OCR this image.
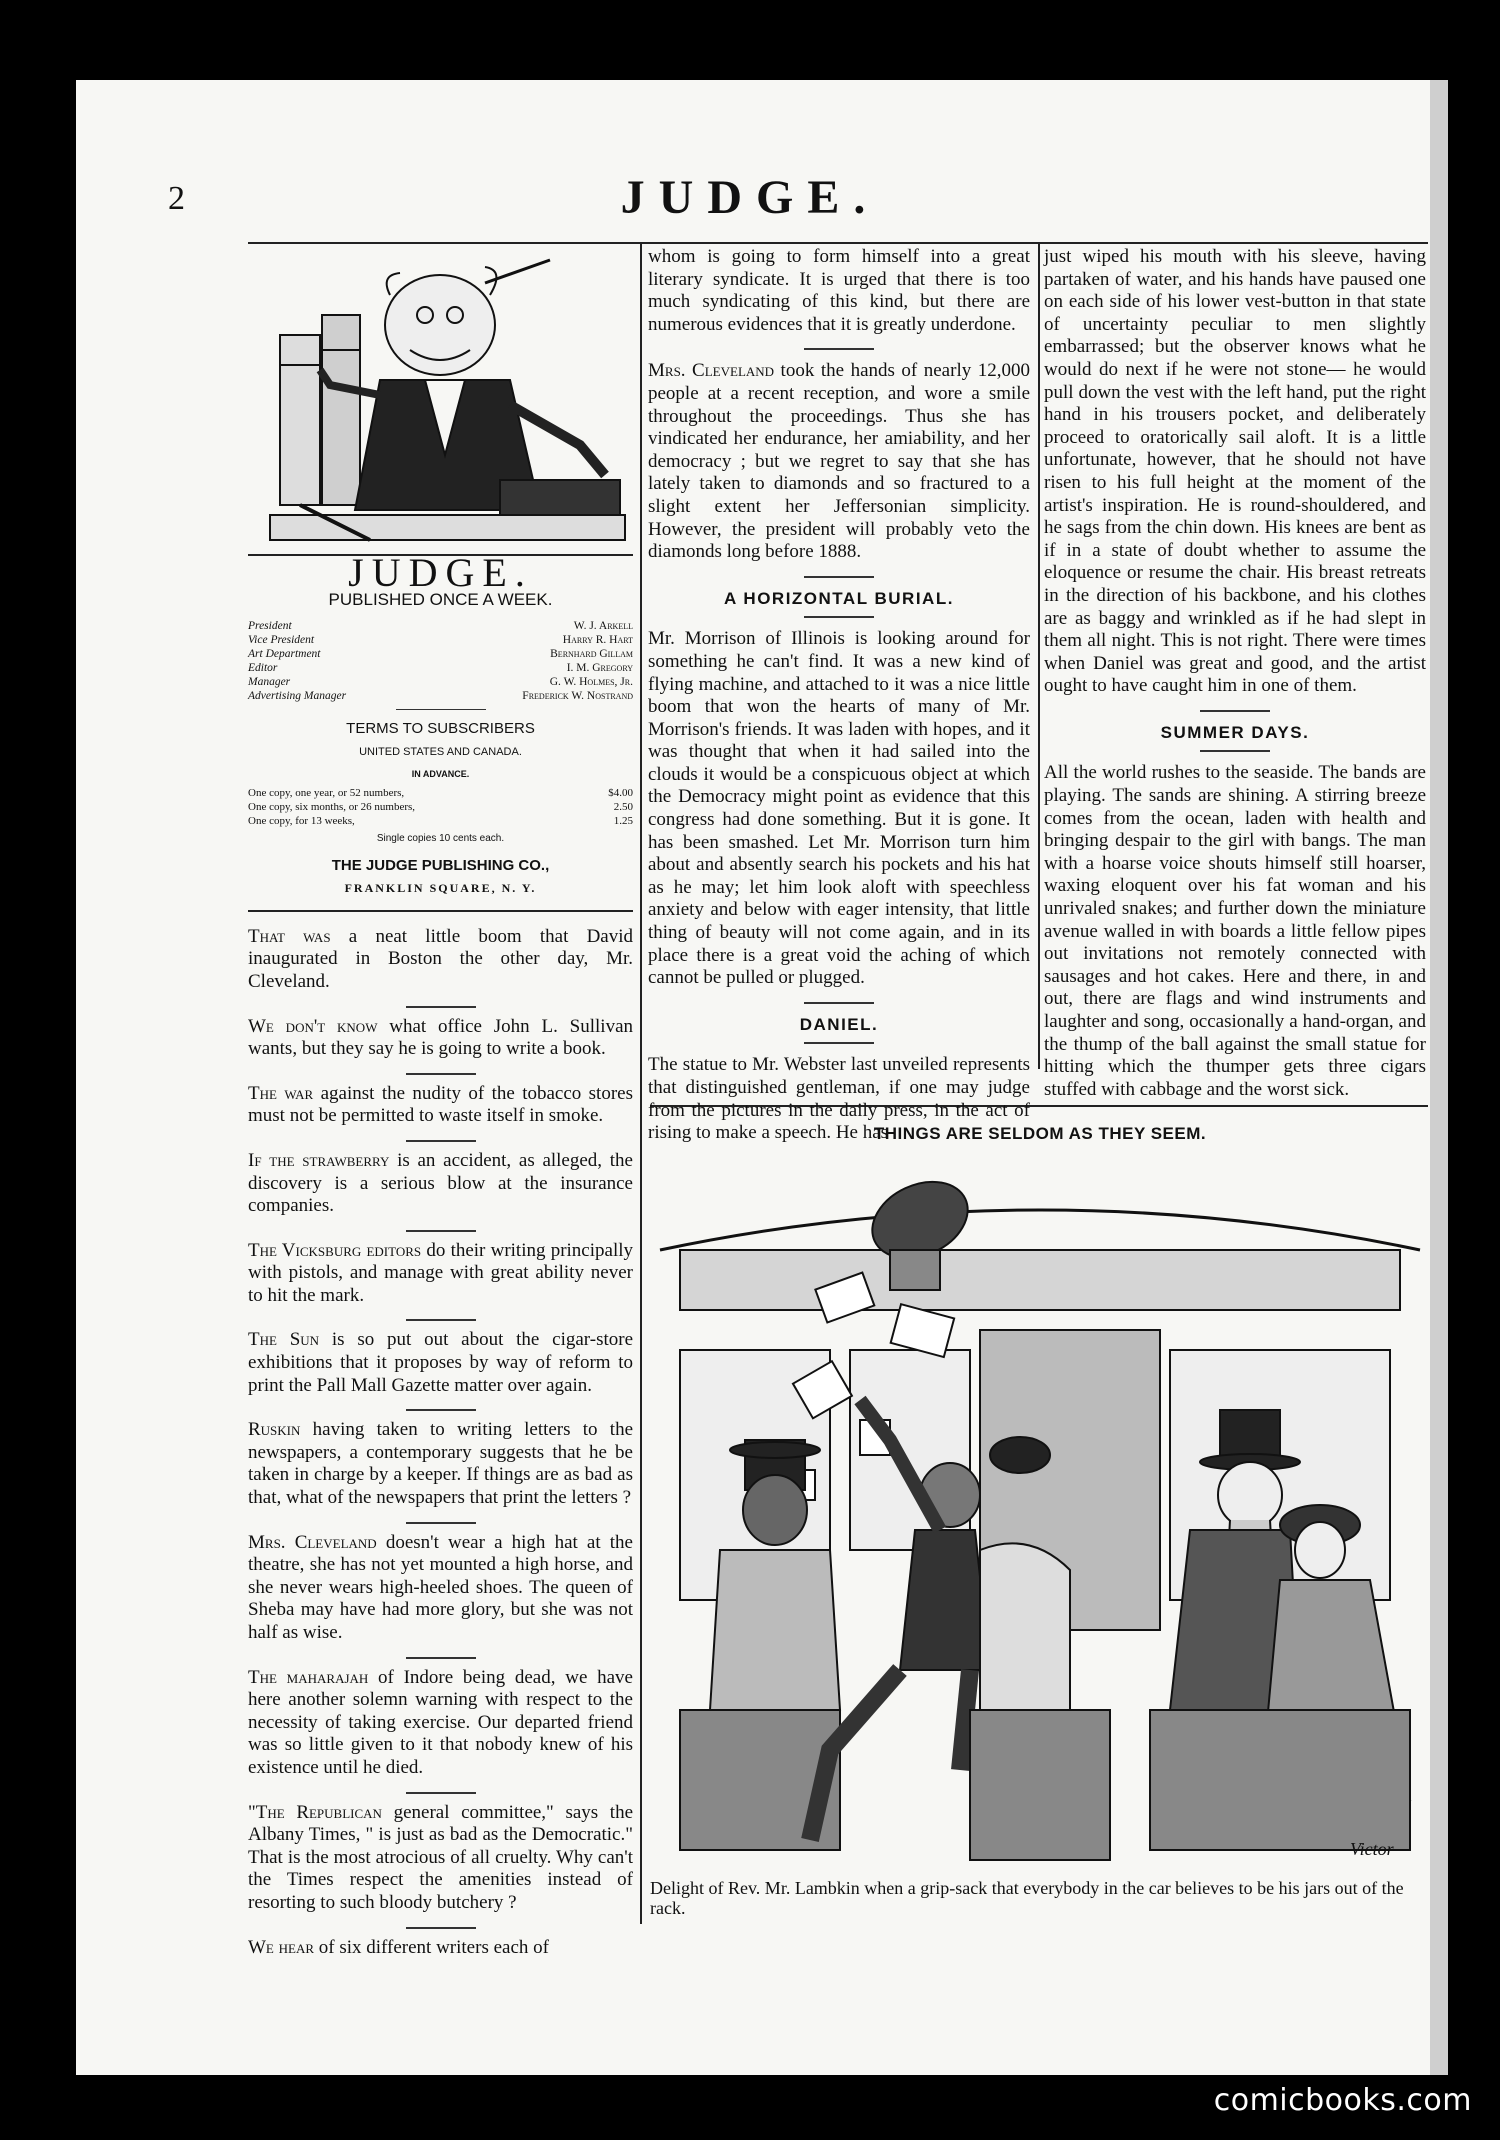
2	JUDGE.
JUDGE.
PUBLISHED ONCE A WEEK.
President	W. J. Arkell
Vice President	Harry R. Hart
Art Department	Bernhard Gillam
Editor	I. M. Gregory
Manager	G. W. Holmes, Jr.
Advertising Manager	Frederick W. Nostrand
TERMS TO SUBSCRIBERS
UNITED STATES AND CANADA.
IN ADVANCE.
One copy, one year, or 52 numbers,	$4.00
One copy, six months, or 26 numbers,	2.50
One copy, for 13 weeks,	1.25
Single copies 10 cents each.
THE JUDGE PUBLISHING CO.,
FRANKLIN SQUARE, N. Y.

That was a neat little boom that David inaugurated in Boston the other day, Mr. Cleveland.

We don't know what office John L. Sullivan wants, but they say he is going to write a book.

The war against the nudity of the tobacco stores must not be permitted to waste itself in smoke.

If the strawberry is an accident, as alleged, the discovery is a serious blow at the insurance companies.

The Vicksburg editors do their writing principally with pistols, and manage with great ability never to hit the mark.

The Sun is so put out about the cigar-store exhibitions that it proposes by way of reform to print the Pall Mall Gazette matter over again.

Ruskin having taken to writing letters to the newspapers, a contemporary suggests that he be taken in charge by a keeper. If things are as bad as that, what of the newspapers that print the letters ?

Mrs. Cleveland doesn't wear a high hat at the theatre, she has not yet mounted a high horse, and she never wears high-heeled shoes. The queen of Sheba may have had more glory, but she was not half as wise.

The maharajah of Indore being dead, we have here another solemn warning with respect to the necessity of taking exercise. Our departed friend was so little given to it that nobody knew of his existence until he died.

"The Republican general committee," says the Albany Times, " is just as bad as the Democratic." That is the most atrocious of all cruelty. Why can't the Times respect the amenities instead of resorting to such bloody butchery ?

We hear of six different writers each of

whom is going to form himself into a great literary syndicate. It is urged that there is too much syndicating of this kind, but there are numerous evidences that it is greatly underdone.

Mrs. Cleveland took the hands of nearly 12,000 people at a recent reception, and wore a smile throughout the proceedings. Thus she has vindicated her endurance, her amiability, and her democracy ; but we regret to say that she has lately taken to diamonds and so fractured to a slight extent her Jeffersonian simplicity. However, the president will probably veto the diamonds long before 1888.

A HORIZONTAL BURIAL.

Mr. Morrison of Illinois is looking around for something he can't find. It was a new kind of flying machine, and attached to it was a nice little boom that won the hearts of many of Mr. Morrison's friends. It was laden with hopes, and it was thought that when it had sailed into the clouds it would be a conspicuous object at which the Democracy might point as evidence that this congress had done something. But it is gone. It has been smashed. Let Mr. Morrison turn him about and absently search his pockets and his hat as he may; let him look aloft with speechless anxiety and below with eager intensity, that little thing of beauty will not come again, and in its place there is a great void the aching of which cannot be pulled or plugged.

DANIEL.

The statue to Mr. Webster last unveiled represents that distinguished gentleman, if one may judge from the pictures in the daily press, in the act of rising to make a speech. He has

just wiped his mouth with his sleeve, having partaken of water, and his hands have paused one on each side of his lower vest-button in that state of uncertainty peculiar to men slightly embarrassed; but the observer knows what he would do next if he were not stone— he would pull down the vest with the left hand, put the right hand in his trousers pocket, and deliberately proceed to oratorically sail aloft. It is a little unfortunate, however, that he should not have risen to his full height at the moment of the artist's inspiration. He is round-shouldered, and he sags from the chin down. His knees are bent as if in a state of doubt whether to assume the eloquence or resume the chair. His breast retreats in the direction of his backbone, and his clothes are as baggy and wrinkled as if he had slept in them all night. This is not right. There were times when Daniel was great and good, and the artist ought to have caught him in one of them.

SUMMER DAYS.

All the world rushes to the seaside. The bands are playing. The sands are shining. A stirring breeze comes from the ocean, laden with health and bringing despair to the girl with bangs. The man with a hoarse voice shouts himself still hoarser, waxing eloquent over his fat woman and his unrivaled snakes; and further down the miniature avenue walled in with boards a little fellow pipes out invitations not remotely connected with sausages and hot cakes. Here and there, in and out, there are flags and wind instruments and laughter and song, occasionally a hand-organ, and the thump of the ball against the small statue for hitting which the thumper gets three cigars stuffed with cabbage and the worst sick.

THINGS ARE SELDOM AS THEY SEEM.
Victor
Delight of Rev. Mr. Lambkin when a grip-sack that everybody in the car believes to be his jars out of the rack.
comicbooks.com
